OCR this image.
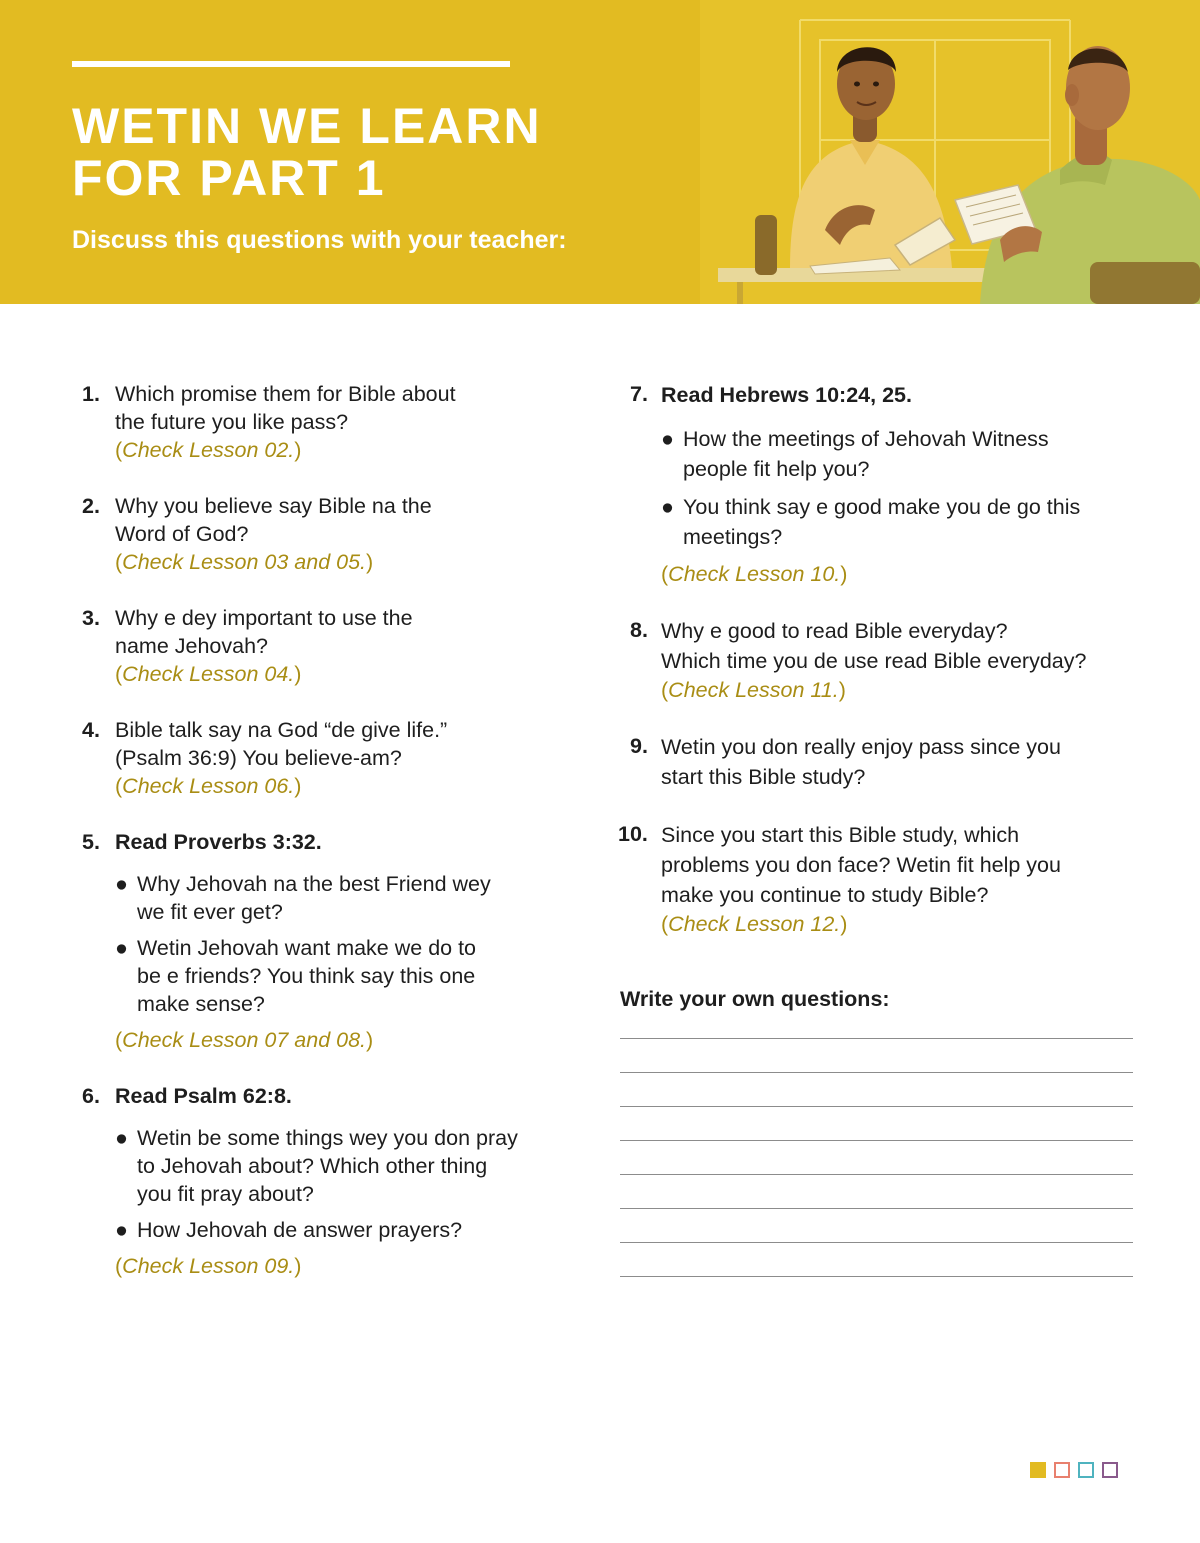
WETIN WE LEARN
FOR PART 1

Discuss this questions with your teacher:

1. Which promise them for Bible about
the future you like pass?
(Check Lesson 02.)
2. Why you believe say Bible na the
Word of God?
(Check Lesson 03 and 05.)
3. Why e dey important to use the
name Jehovah?
(Check Lesson 04.)
4. Bible talk say na God “de give life.”
(Psalm 36:9) You believe-am?
(Check Lesson 06.)
5. Read Proverbs 3:32.
● Why Jehovah na the best Friend wey
we fit ever get?
● Wetin Jehovah want make we do to
be e friends? You think say this one
make sense?
(Check Lesson 07 and 08.)
6. Read Psalm 62:8.
● Wetin be some things wey you don pray
to Jehovah about? Which other thing
you fit pray about?
● How Jehovah de answer prayers?
(Check Lesson 09.)
7. Read Hebrews 10:24, 25.
● How the meetings of Jehovah Witness
people fit help you?
● You think say e good make you de go this
meetings?
(Check Lesson 10.)
8. Why e good to read Bible everyday?
Which time you de use read Bible everyday?
(Check Lesson 11.)
9. Wetin you don really enjoy pass since you
start this Bible study?
10. Since you start this Bible study, which
problems you don face? Wetin fit help you
make you continue to study Bible?
(Check Lesson 12.)
Write your own questions:
